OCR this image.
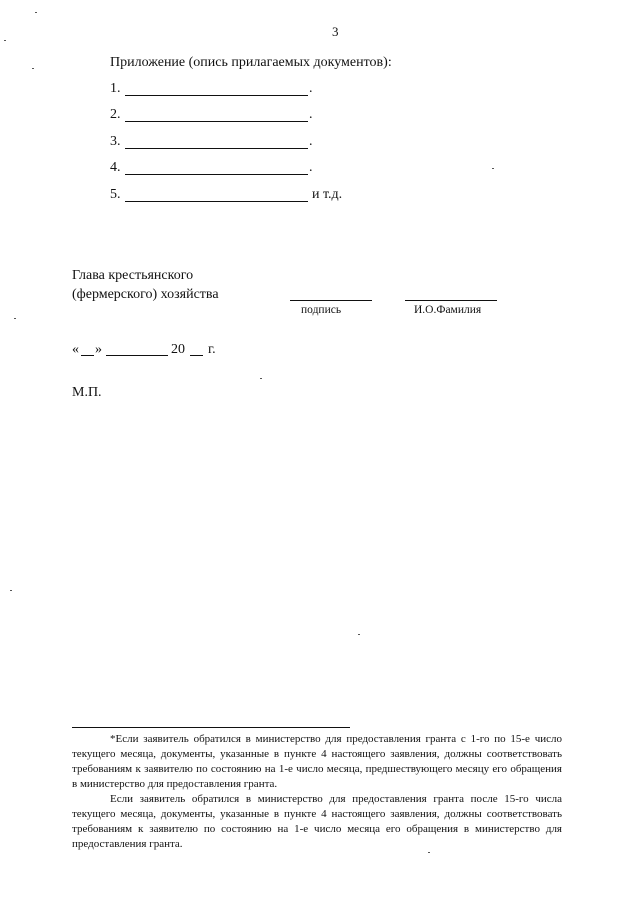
3
Приложение (опись прилагаемых документов):
1.	.
2.	.
3.	.
4.	.
5.	и т.д.
Глава крестьянского
(фермерского) хозяйства
подпись	И.О.Фамилия
« »	20 г.
М.П.

*Если заявитель обратился в министерство для предоставления гранта с 1-го по 15-е число текущего месяца, документы, указанные в пункте 4 настоящего заявления, должны соответствовать требованиям к заявителю по состоянию на 1-е число месяца, предшествующего месяцу его обращения в министерство для предоставления гранта.

Если заявитель обратился в министерство для предоставления гранта после 15-го числа текущего месяца, документы, указанные в пункте 4 настоящего заявления, должны соответствовать требованиям к заявителю по состоянию на 1-е число месяца его обращения в министерство для предоставления гранта.
